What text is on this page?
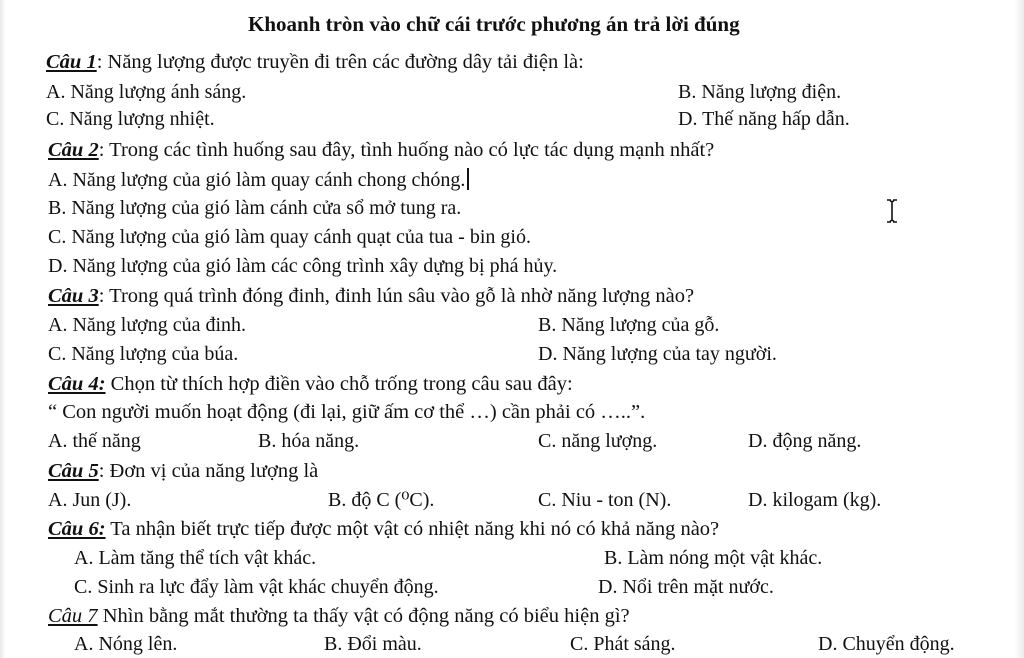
Khoanh tròn vào chữ cái trước phương án trả lời đúng
Câu 1: Năng lượng được truyền đi trên các đường dây tải điện là:
A. Năng lượng ánh sáng.	B. Năng lượng điện.
C. Năng lượng nhiệt.	D. Thế năng hấp dẫn.
Câu 2: Trong các tình huống sau đây, tình huống nào có lực tác dụng mạnh nhất?
A. Năng lượng của gió làm quay cánh chong chóng.
B. Năng lượng của gió làm cánh cửa sổ mở tung ra.
C. Năng lượng của gió làm quay cánh quạt của tua - bin gió.
D. Năng lượng của gió làm các công trình xây dựng bị phá hủy.
Câu 3: Trong quá trình đóng đinh, đinh lún sâu vào gỗ là nhờ năng lượng nào?
A. Năng lượng của đinh.	B. Năng lượng của gỗ.
C. Năng lượng của búa.	D. Năng lượng của tay người.
Câu 4: Chọn từ thích hợp điền vào chỗ trống trong câu sau đây:
“ Con người muốn hoạt động (đi lại, giữ ấm cơ thể …) cần phải có …..”.
A. thế năng	B. hóa năng.	C. năng lượng.	D. động năng.
Câu 5: Đơn vị của năng lượng là
A. Jun (J).	B. độ C (⁰C).	C. Niu - ton (N).	D. kilogam (kg).
Câu 6: Ta nhận biết trực tiếp được một vật có nhiệt năng khi nó có khả năng nào?
A. Làm tăng thể tích vật khác.	B. Làm nóng một vật khác.
C. Sinh ra lực đẩy làm vật khác chuyển động.	D. Nổi trên mặt nước.
Câu 7 Nhìn bằng mắt thường ta thấy vật có động năng có biểu hiện gì?
A. Nóng lên.	B. Đổi màu.	C. Phát sáng.	D. Chuyển động.
